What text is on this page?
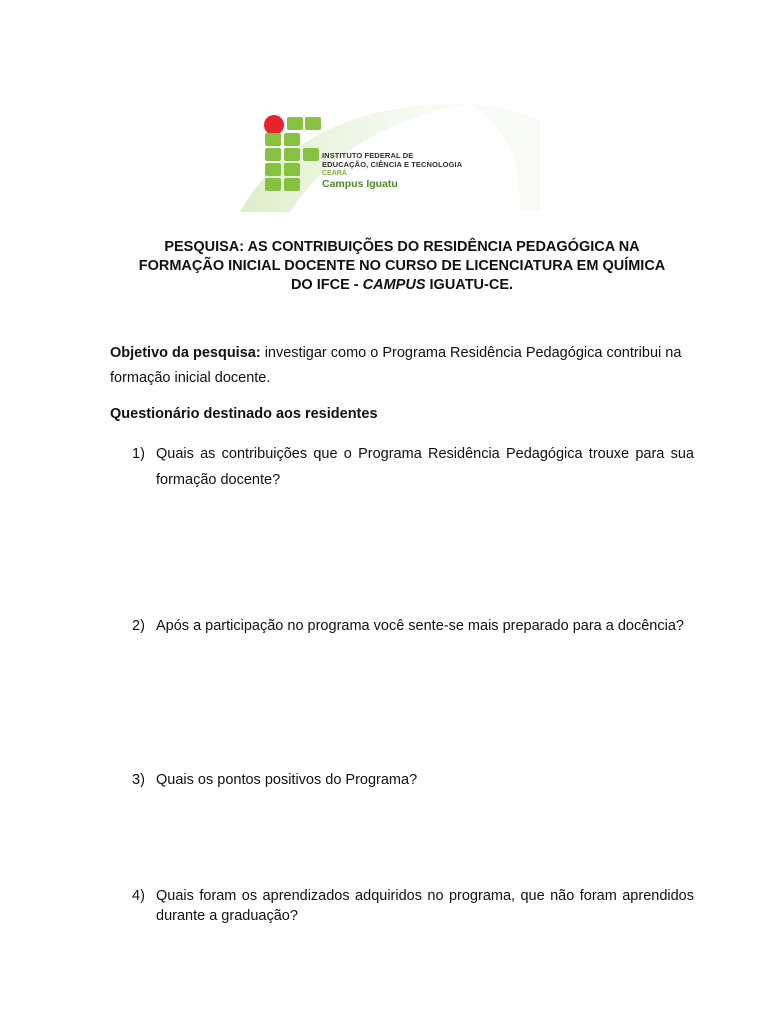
INSTITUTO FEDERAL DE
EDUCAÇÃO, CIÊNCIA E TECNOLOGIA
CEARÁ
Campus Iguatu
PESQUISA: AS CONTRIBUIÇÕES DO RESIDÊNCIA PEDAGÓGICA NA
FORMAÇÃO INICIAL DOCENTE NO CURSO DE LICENCIATURA EM QUÍMICA
DO IFCE - CAMPUS IGUATU-CE.

Objetivo da pesquisa: investigar como o Programa Residência Pedagógica contribui na formação inicial docente.

Questionário destinado aos residentes

1) Quais as contribuições que o Programa Residência Pedagógica trouxe para sua formação docente?
2) Após a participação no programa você sente-se mais preparado para a docência?
3) Quais os pontos positivos do Programa?
4) Quais foram os aprendizados adquiridos no programa, que não foram aprendidos durante a graduação?
